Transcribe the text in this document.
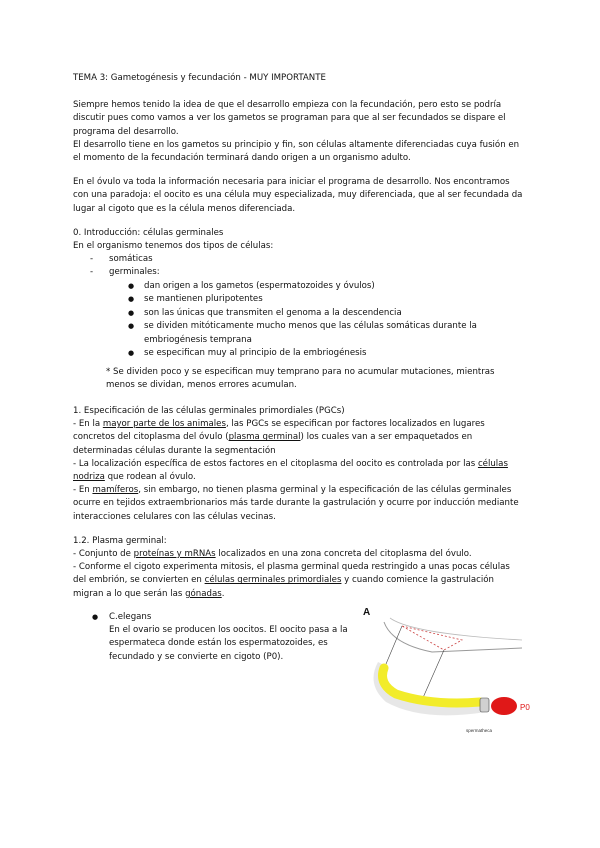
TEMA 3: Gametogénesis y fecundación - MUY IMPORTANTE

Siempre hemos tenido la idea de que el desarrollo empieza con la fecundación, pero esto se podría discutir pues como vamos a ver los gametos se programan para que al ser fecundados se dispare el programa del desarrollo.

El desarrollo tiene en los gametos su principio y fin, son células altamente diferenciadas cuya fusión en el momento de la fecundación terminará dando origen a un organismo adulto.

En el óvulo va toda la información necesaria para iniciar el programa de desarrollo. Nos encontramos con una paradoja: el oocito es una célula muy especializada, muy diferenciada, que al ser fecundada da lugar al cigoto que es la célula menos diferenciada.

0. Introducción: células germinales

En el organismo tenemos dos tipos de células:

- somáticas
- germinales:
● dan origen a los gametos (espermatozoides y óvulos)
● se mantienen pluripotentes
● son las únicas que transmiten el genoma a la descendencia
● se dividen mitóticamente mucho menos que las células somáticas durante la embriogénesis temprana
● se especifican muy al principio de la embriogénesis

* Se dividen poco y se especifican muy temprano para no acumular mutaciones, mientras menos se dividan, menos errores acumulan.

1. Especificación de las células germinales primordiales (PGCs)

- En la mayor parte de los animales, las PGCs se especifican por factores localizados en lugares concretos del citoplasma del óvulo (plasma germinal) los cuales van a ser empaquetados en determinadas células durante la segmentación

- La localización específica de estos factores en el citoplasma del oocito es controlada por las células nodriza que rodean al óvulo.

- En mamíferos, sin embargo, no tienen plasma germinal y la especificación de las células germinales ocurre en tejidos extraembrionarios más tarde durante la gastrulación y ocurre por inducción mediante interacciones celulares con las células vecinas.

1.2. Plasma germinal:

- Conjunto de proteínas y mRNAs localizados en una zona concreta del citoplasma del óvulo.

- Conforme el cigoto experimenta mitosis, el plasma germinal queda restringido a unas pocas células del embrión, se convierten en células germinales primordiales y cuando comience la gastrulación migran a lo que serán las gónadas.

● C.elegans

En el ovario se producen los oocitos. El oocito pasa a la espermateca donde están los espermatozoides, es fecundado y se convierte en cigoto (P0).

A
P0
spermatheca
